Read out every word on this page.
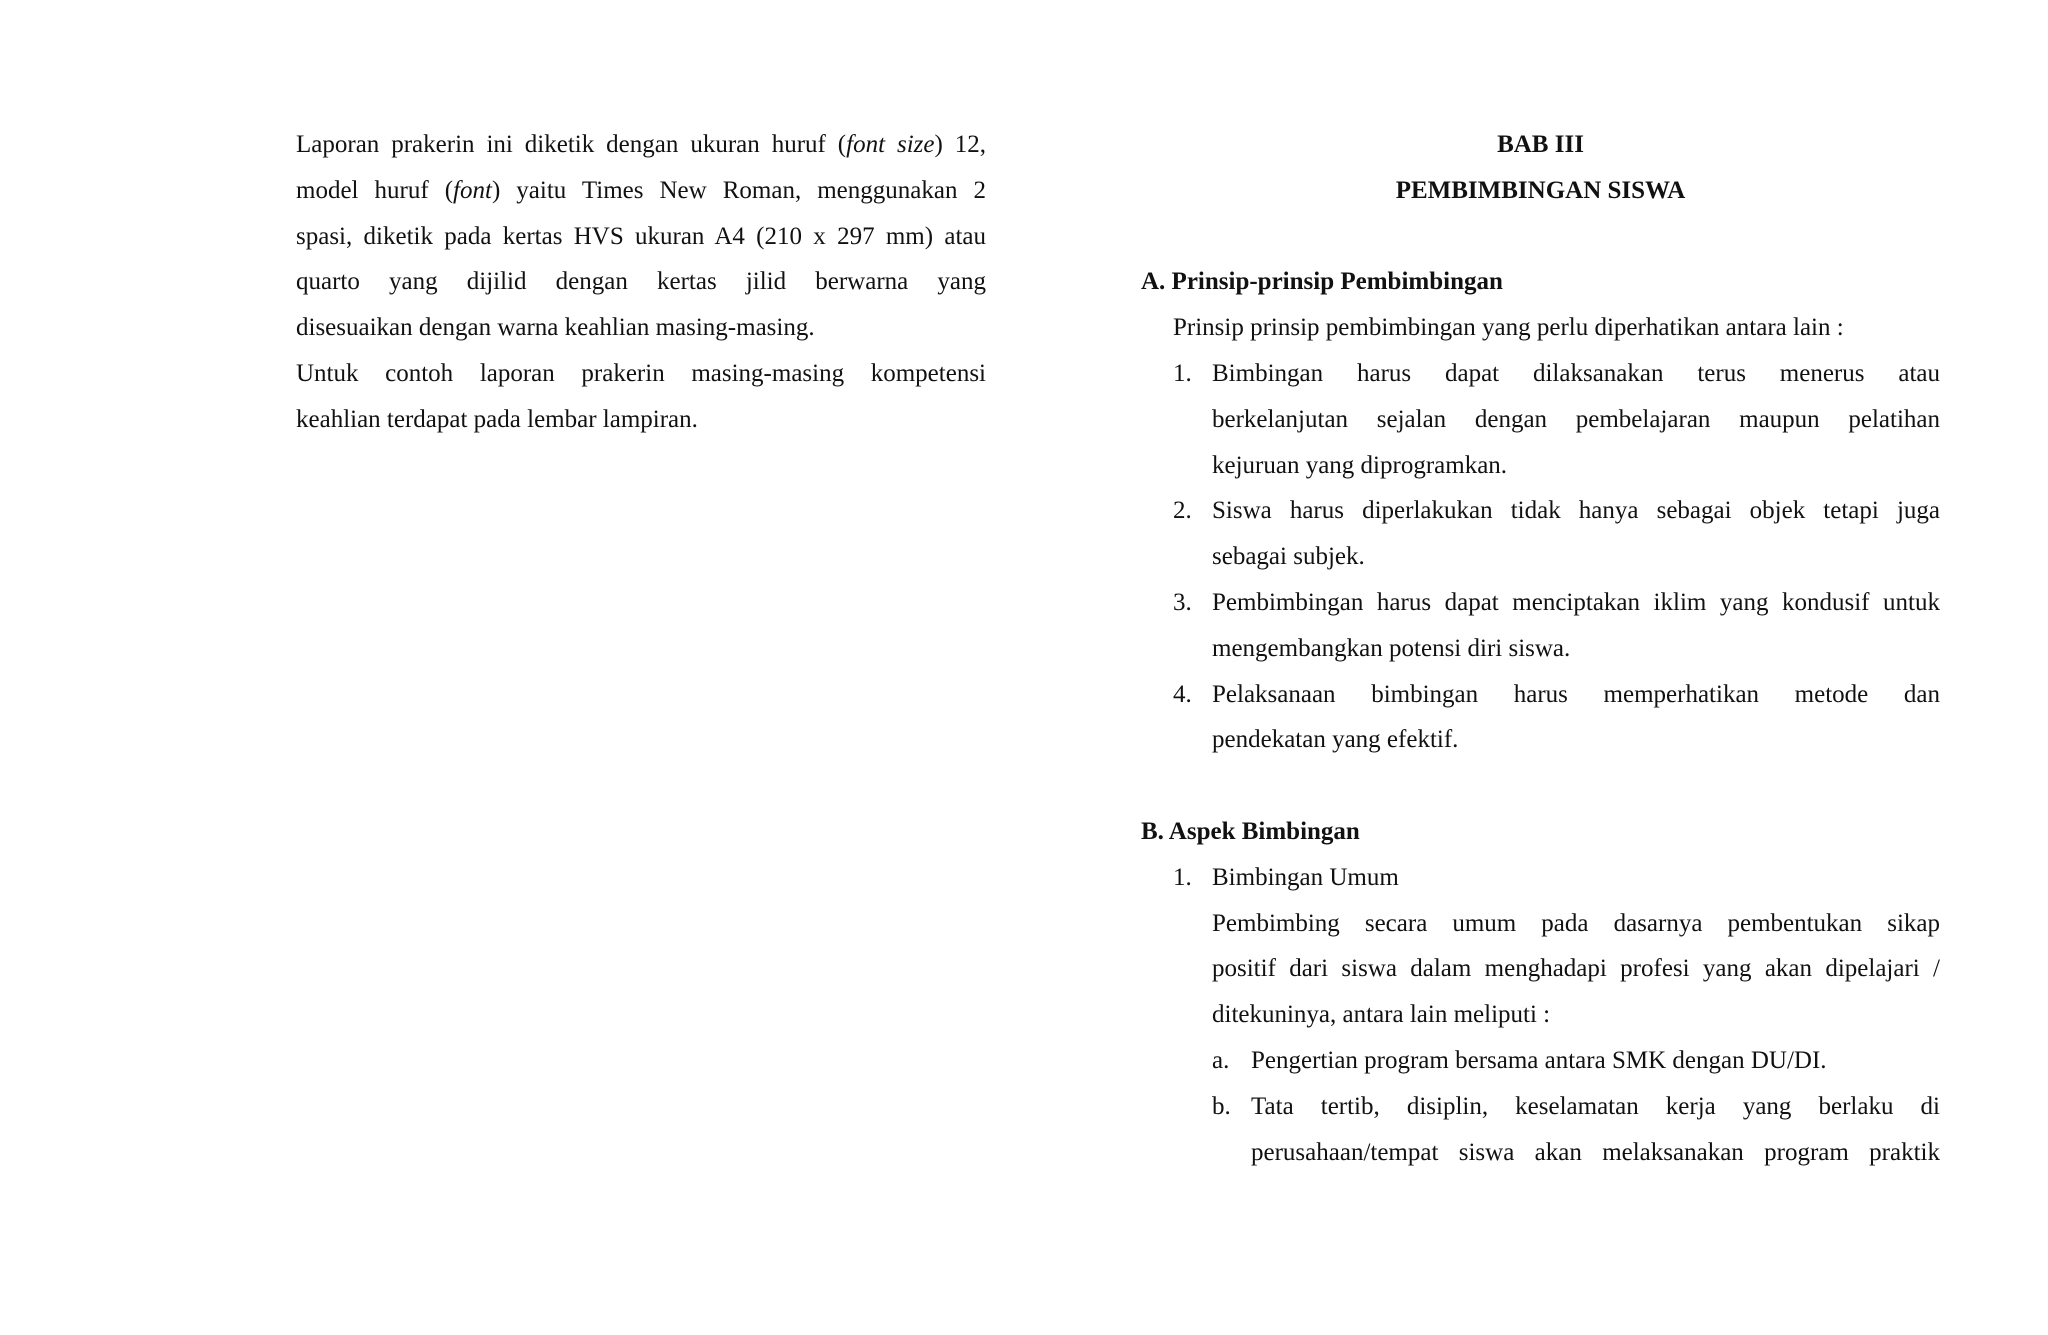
Laporan prakerin ini diketik dengan ukuran huruf (font size) 12,
model huruf (font) yaitu Times New Roman, menggunakan 2
spasi, diketik pada kertas HVS ukuran A4 (210 x 297 mm) atau
quarto yang dijilid dengan kertas jilid berwarna yang
disesuaikan dengan warna keahlian masing-masing.
Untuk contoh laporan prakerin masing-masing kompetensi
keahlian terdapat pada lembar lampiran.

BAB III

PEMBIMBINGAN SISWA

A. Prinsip-prinsip Pembimbingan

Prinsip prinsip pembimbingan yang perlu diperhatikan antara lain :

1. Bimbingan harus dapat dilaksanakan terus menerus atau
berkelanjutan sejalan dengan pembelajaran maupun pelatihan
kejuruan yang diprogramkan.
2. Siswa harus diperlakukan tidak hanya sebagai objek tetapi juga
sebagai subjek.
3. Pembimbingan harus dapat menciptakan iklim yang kondusif untuk
mengembangkan potensi diri siswa.
4. Pelaksanaan bimbingan harus memperhatikan metode dan
pendekatan yang efektif.

B. Aspek Bimbingan

1. Bimbingan Umum
Pembimbing secara umum pada dasarnya pembentukan sikap
positif dari siswa dalam menghadapi profesi yang akan dipelajari /
ditekuninya, antara lain meliputi :
a. Pengertian program bersama antara SMK dengan DU/DI.
b. Tata tertib, disiplin, keselamatan kerja yang berlaku di
perusahaan/tempat siswa akan melaksanakan program praktik
